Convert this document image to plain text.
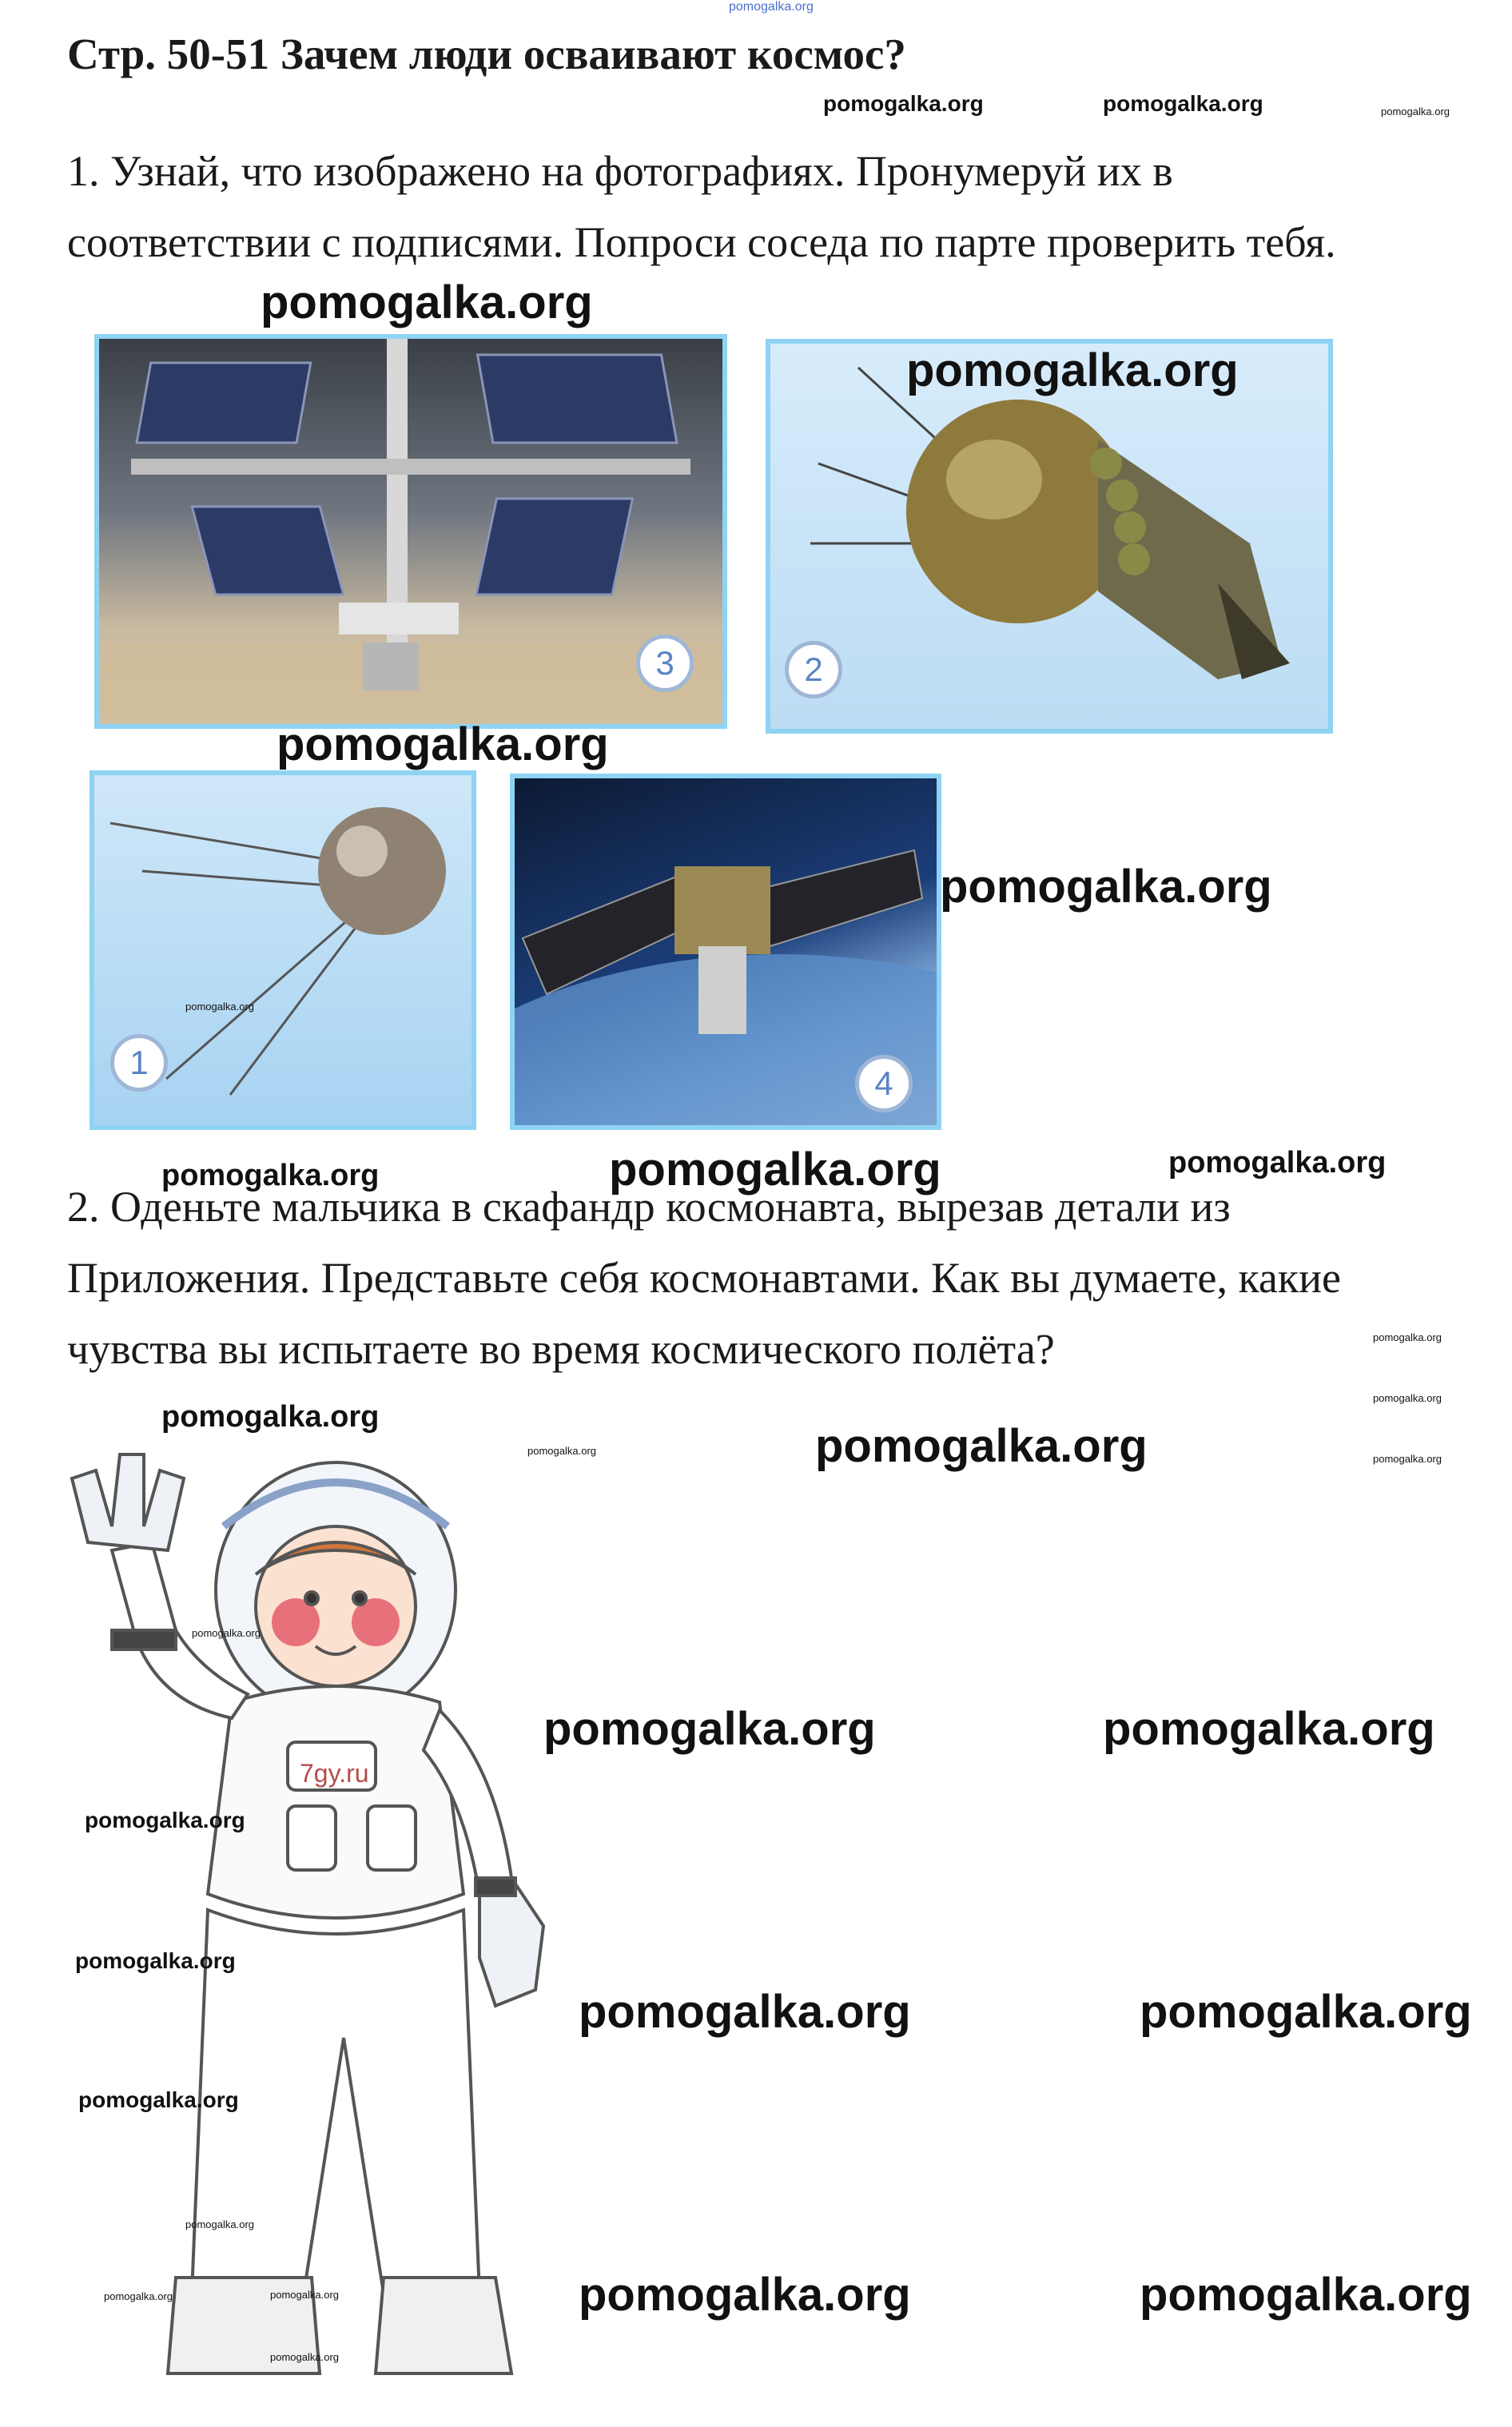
pomogalka.org
Стр. 50-51 Зачем люди осваивают космос?
pomogalka.org	pomogalka.org	pomogalka.org
1. Узнай, что изображено на фотографиях. Пронумеруй их в
соответствии с подписями. Попроси соседа по парте проверить тебя.
pomogalka.org
3	2
pomogalka.org
pomogalka.org
1
pomogalka.org
4
pomogalka.org
pomogalka.org	pomogalka.org	pomogalka.org
2. Оденьте мальчика в скафандр космонавта, вырезав детали из
Приложения. Представьте себя космонавтами. Как вы думаете, какие
чувства вы испытаете во время космического полёта?	pomogalka.org
pomogalka.org
pomogalka.org
pomogalka.org
pomogalka.org	pomogalka.org
7gy.ru
pomogalka.org
pomogalka.org
pomogalka.org
pomogalka.org
pomogalka.org
pomogalka.org	pomogalka.org
pomogalka.org
pomogalka.org	pomogalka.org
pomogalka.org	pomogalka.org
pomogalka.org	pomogalka.org
